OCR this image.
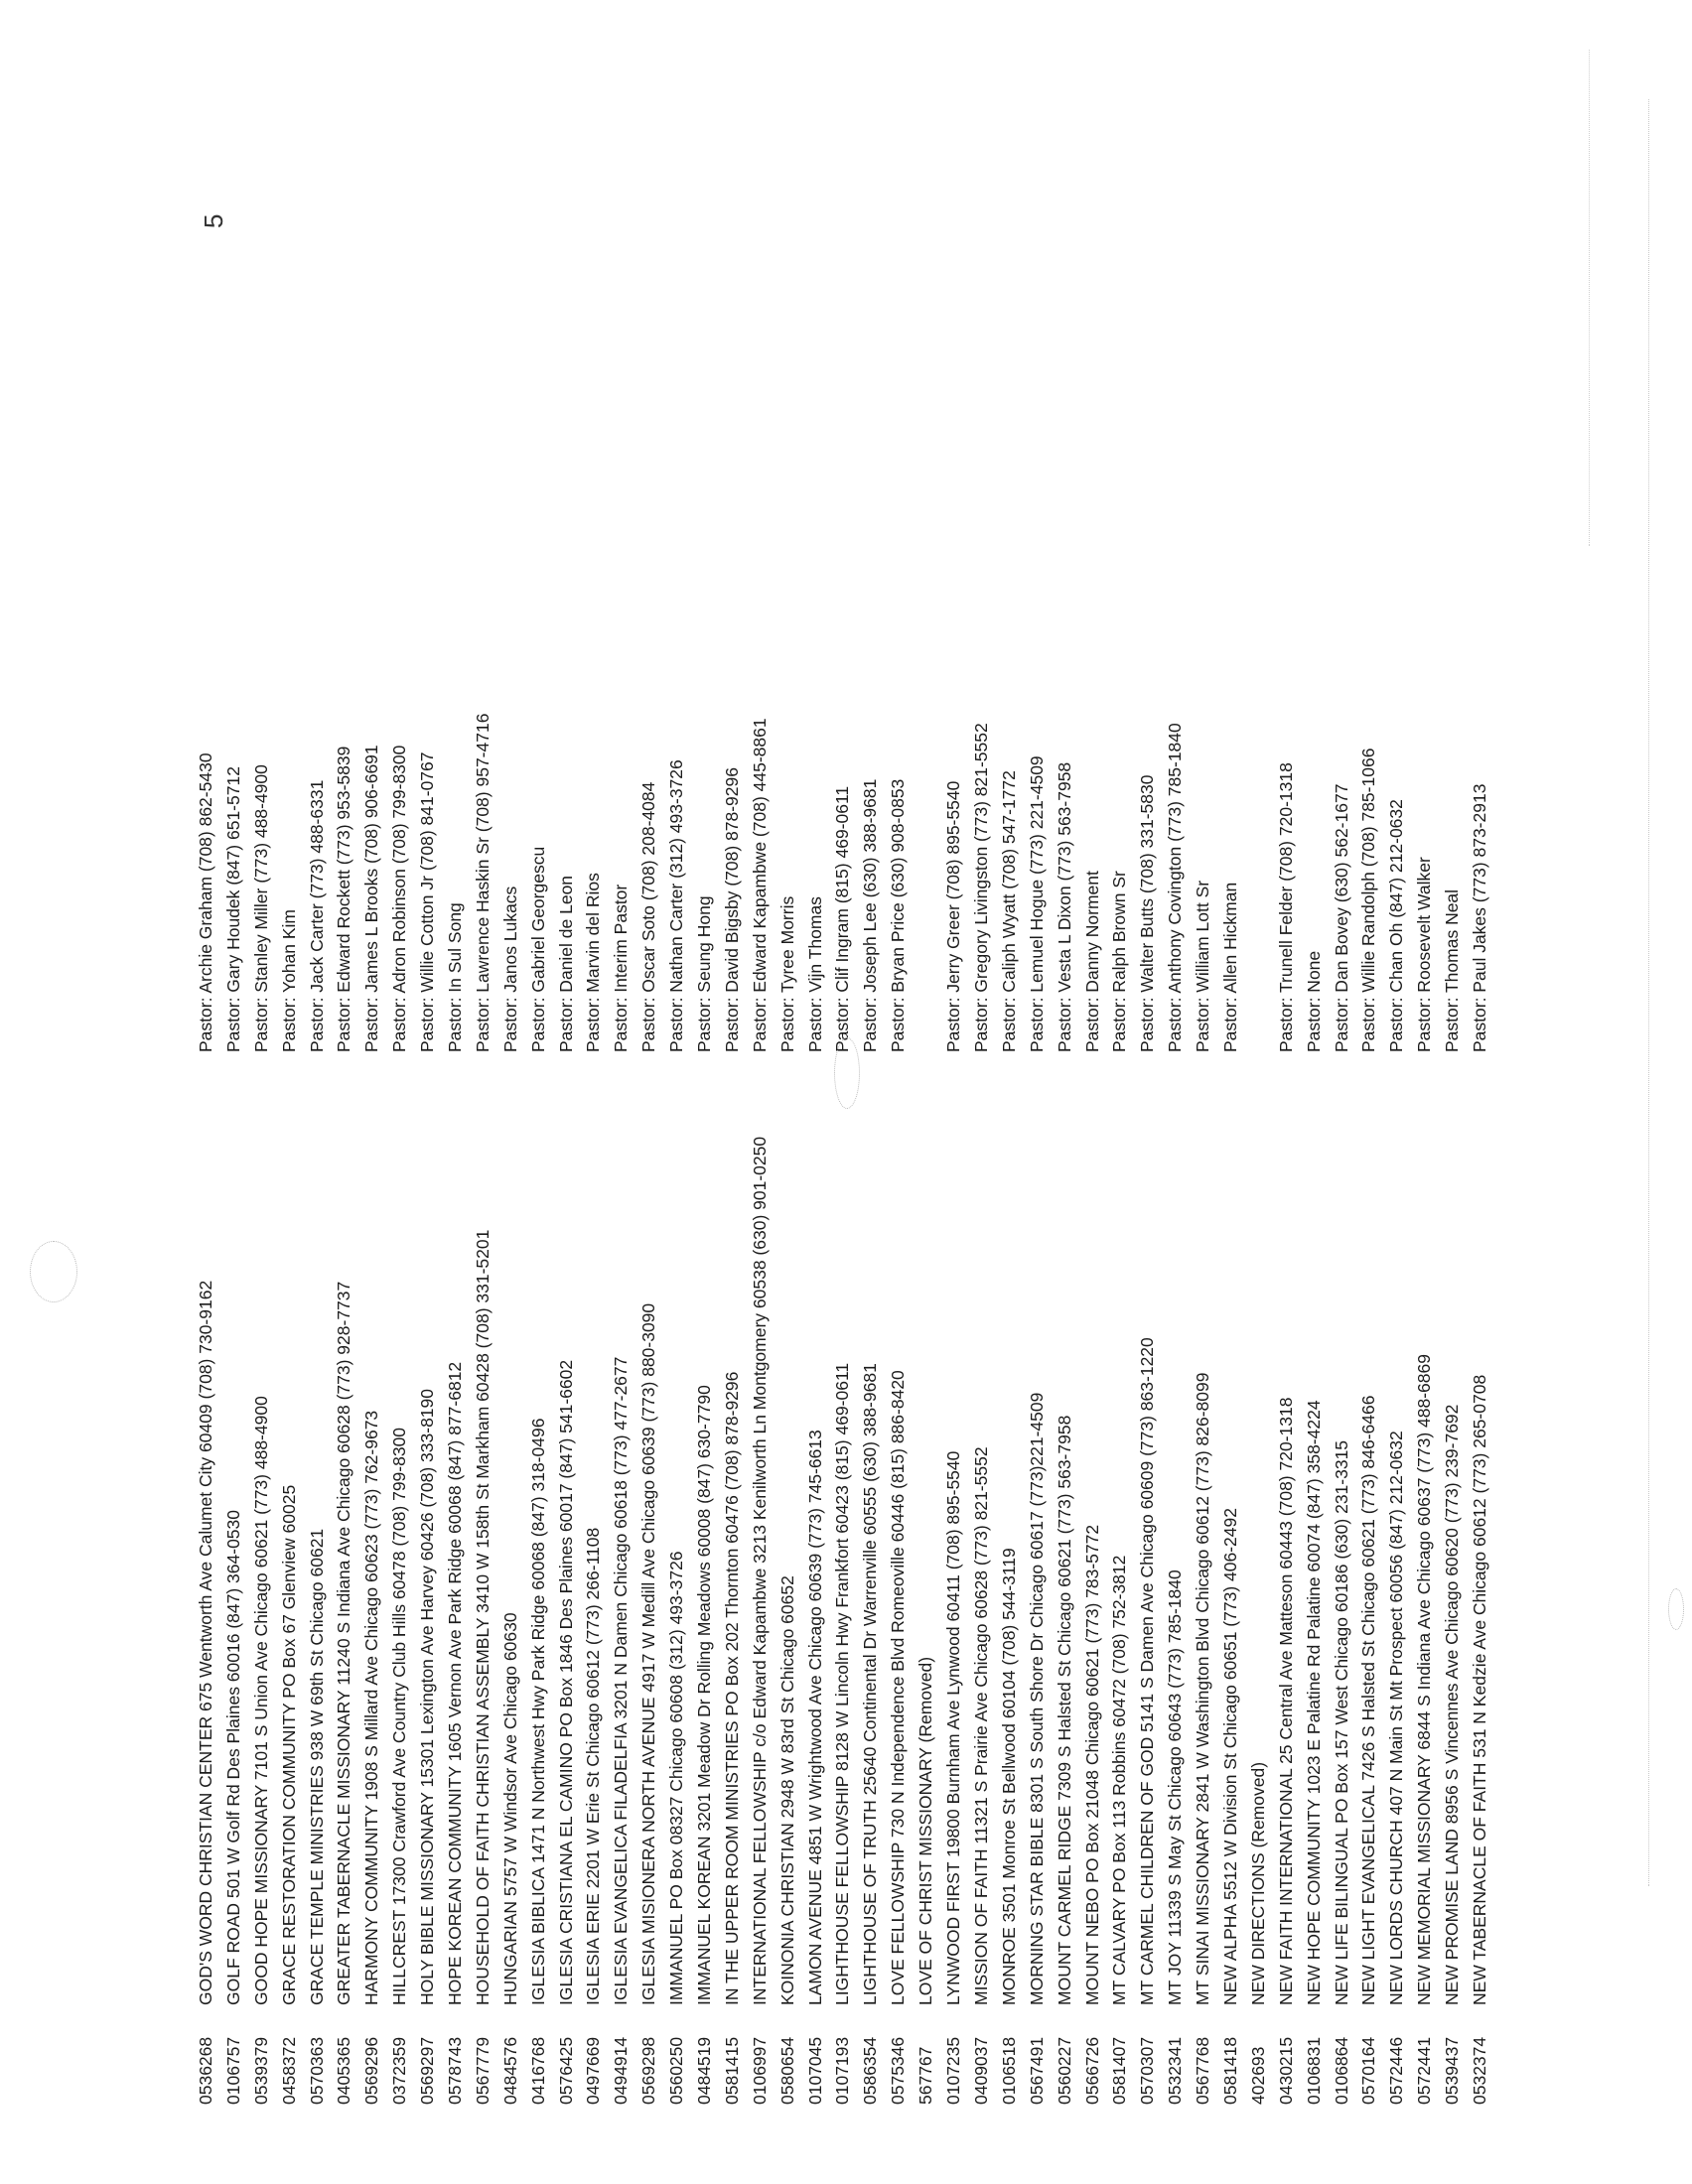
5
0536268 0106757 0539379 0458372 0570363 0405365 0569296 0372359 0569297 0578743 0567779 0484576 0416768 0576425 0497669 0494914 0569298 0560250 0484519 0581415 0106997 0580654 0107045 0107193 0586354 0575346 567767 0107235 0409037 0106518 0567491 0560227 0566726 0581407 0570307 0532341 0567768 0581418 402693 0430215 0106831 0106864 0570164 0572446 0572441 0539437 0532374
GOD'S WORD CHRISTIAN CENTER 675 Wentworth Ave Calumet City 60409 (708) 730-9162 GOLF ROAD 501 W Golf Rd Des Plaines 60016 (847) 364-0530 GOOD HOPE MISSIONARY 7101 S Union Ave Chicago 60621 (773) 488-4900 GRACE RESTORATION COMMUNITY PO Box 67 Glenview 60025 GRACE TEMPLE MINISTRIES 938 W 69th St Chicago 60621 GREATER TABERNACLE MISSIONARY 11240 S Indiana Ave Chicago 60628 (773) 928-7737 HARMONY COMMUNITY 1908 S Millard Ave Chicago 60623 (773) 762-9673 HILLCREST 17300 Crawford Ave Country Club Hills 60478 (708) 799-8300 HOLY BIBLE MISSIONARY 15301 Lexington Ave Harvey 60426 (708) 333-8190 HOPE KOREAN COMMUNITY 1605 Vernon Ave Park Ridge 60068 (847) 877-6812 HOUSEHOLD OF FAITH CHRISTIAN ASSEMBLY 3410 W 158th St Markham 60428 (708) 331-5201 HUNGARIAN 5757 W Windsor Ave Chicago 60630 IGLESIA BIBLICA 1471 N Northwest Hwy Park Ridge 60068 (847) 318-0496 IGLESIA CRISTIANA EL CAMINO PO Box 1846 Des Plaines 60017 (847) 541-6602 IGLESIA ERIE 2201 W Erie St Chicago 60612 (773) 266-1108 IGLESIA EVANGELICA FILADELFIA 3201 N Damen Chicago 60618 (773) 477-2677 IGLESIA MISIONERA NORTH AVENUE 4917 W Medill Ave Chicago 60639 (773) 880-3090 IMMANUEL PO Box 08327 Chicago 60608 (312) 493-3726 IMMANUEL KOREAN 3201 Meadow Dr Rolling Meadows 60008 (847) 630-7790 IN THE UPPER ROOM MINISTRIES PO Box 202 Thornton 60476 (708) 878-9296 INTERNATIONAL FELLOWSHIP c/o Edward Kapambwe 3213 Kenilworth Ln Montgomery 60538 (630) 901-0250 KOINONIA CHRISTIAN 2948 W 83rd St Chicago 60652 LAMON AVENUE 4851 W Wrightwood Ave Chicago 60639 (773) 745-6613 LIGHTHOUSE FELLOWSHIP 8128 W Lincoln Hwy Frankfort 60423 (815) 469-0611 LIGHTHOUSE OF TRUTH 25640 Continental Dr Warrenville 60555 (630) 388-9681 LOVE FELLOWSHIP 730 N Independence Blvd Romeoville 60446 (815) 886-8420 LOVE OF CHRIST MISSIONARY (Removed) LYNWOOD FIRST 19800 Burnham Ave Lynwood 60411 (708) 895-5540 MISSION OF FAITH 11321 S Prairie Ave Chicago 60628 (773) 821-5552 MONROE 3501 Monroe St Bellwood 60104 (708) 544-3119 MORNING STAR BIBLE 8301 S South Shore Dr Chicago 60617 (773)221-4509 MOUNT CARMEL RIDGE 7309 S Halsted St Chicago 60621 (773) 563-7958 MOUNT NEBO PO Box 21048 Chicago 60621 (773) 783-5772 MT CALVARY PO Box 113 Robbins 60472 (708) 752-3812 MT CARMEL CHILDREN OF GOD 5141 S Damen Ave Chicago 60609 (773) 863-1220 MT JOY 11339 S May St Chicago 60643 (773) 785-1840 MT SINAI MISSIONARY 2841 W Washington Blvd Chicago 60612 (773) 826-8099 NEW ALPHA 5512 W Division St Chicago 60651 (773) 406-2492 NEW DIRECTIONS (Removed) NEW FAITH INTERNATIONAL 25 Central Ave Matteson 60443 (708) 720-1318 NEW HOPE COMMUNITY 1023 E Palatine Rd Palatine 60074 (847) 358-4224 NEW LIFE BILINGUAL PO Box 157 West Chicago 60186 (630) 231-3315 NEW LIGHT EVANGELICAL 7426 S Halsted St Chicago 60621 (773) 846-6466 NEW LORDS CHURCH 407 N Main St Mt Prospect 60056 (847) 212-0632 NEW MEMORIAL MISSIONARY 6844 S Indiana Ave Chicago 60637 (773) 488-6869 NEW PROMISE LAND 8956 S Vincennes Ave Chicago 60620 (773) 239-7692 NEW TABERNACLE OF FAITH 531 N Kedzie Ave Chicago 60612 (773) 265-0708
Pastor: Archie Graham (708) 862-5430 Pastor: Gary Houdek (847) 651-5712 Pastor: Stanley Miller (773) 488-4900 Pastor: Yohan Kim Pastor: Jack Carter (773) 488-6331 Pastor: Edward Rockett (773) 953-5839 Pastor: James L Brooks (708) 906-6691 Pastor: Adron Robinson (708) 799-8300 Pastor: Willie Cotton Jr (708) 841-0767 Pastor: In Sul Song Pastor: Lawrence Haskin Sr (708) 957-4716 Pastor: Janos Lukacs Pastor: Gabriel Georgescu Pastor: Daniel de Leon Pastor: Marvin del Rios Pastor: Interim Pastor Pastor: Oscar Soto (708) 208-4084 Pastor: Nathan Carter (312) 493-3726 Pastor: Seung Hong Pastor: David Bigsby (708) 878-9296 Pastor: Edward Kapambwe (708) 445-8861 Pastor: Tyree Morris Pastor: Vijn Thomas Pastor: Clif Ingram (815) 469-0611 Pastor: Joseph Lee (630) 388-9681 Pastor: Bryan Price (630) 908-0853 Pastor: Jerry Greer (708) 895-5540 Pastor: Gregory Livingston (773) 821-5552 Pastor: Caliph Wyatt (708) 547-1772 Pastor: Lemuel Hogue (773) 221-4509 Pastor: Vesta L Dixon (773) 563-7958 Pastor: Danny Norment Pastor: Ralph Brown Sr Pastor: Walter Butts (708) 331-5830 Pastor: Anthony Covington (773) 785-1840 Pastor: William Lott Sr Pastor: Allen Hickman Pastor: Trunell Felder (708) 720-1318 Pastor: None Pastor: Dan Bovey (630) 562-1677 Pastor: Willie Randolph (708) 785-1066 Pastor: Chan Oh (847) 212-0632 Pastor: Roosevelt Walker Pastor: Thomas Neal Pastor: Paul Jakes (773) 873-2913
